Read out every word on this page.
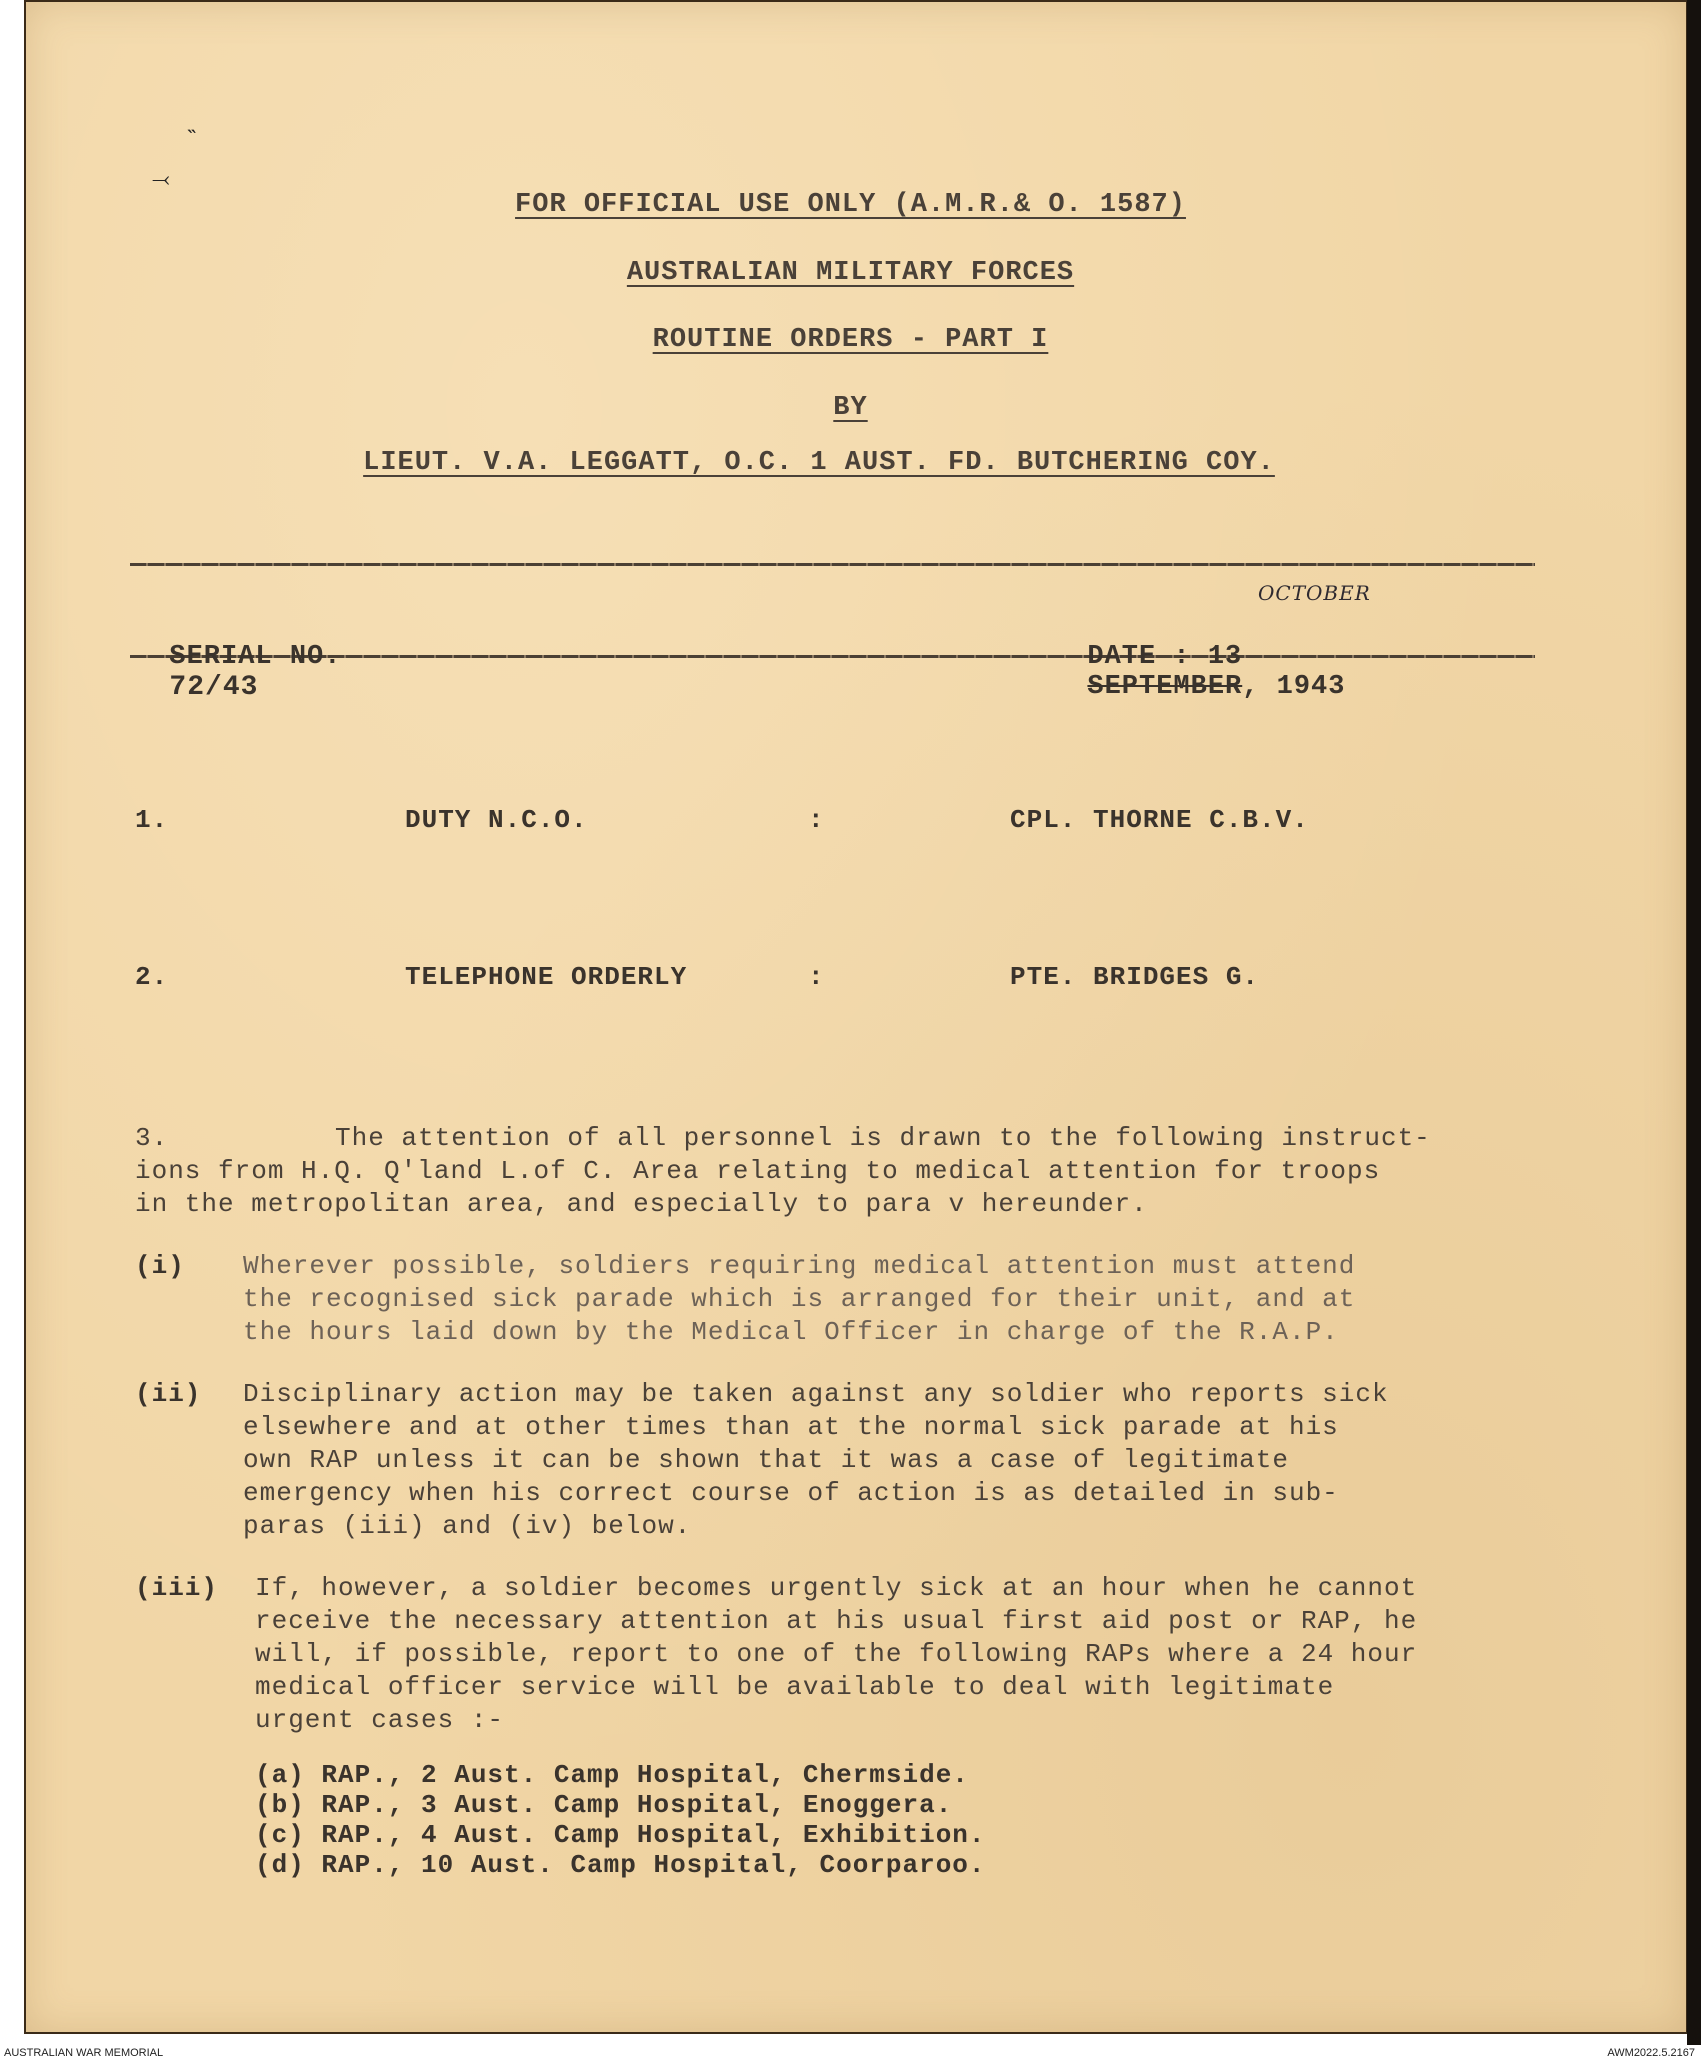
˵
⤙
FOR OFFICIAL USE ONLY (A.M.R.& O. 1587)
AUSTRALIAN MILITARY FORCES
ROUTINE ORDERS - PART I
BY
LIEUT. V.A. LEGGATT, O.C. 1 AUST. FD. BUTCHERING COY.

SERIAL NO.
72/43

DATE : 13
SEPTEMBER, 1943

OCTOBER
1.	DUTY N.C.O.	:	CPL. THORNE C.B.V.
2.	TELEPHONE ORDERLY	:	PTE. BRIDGES G.
3.	The attention of all personnel is drawn to the following instruct-
ions from H.Q. Q'land L.of C. Area relating to medical attention for troops
in the metropolitan area, and especially to para v hereunder.
(i) Wherever possible, soldiers requiring medical attention must attend
the recognised sick parade which is arranged for their unit, and at
the hours laid down by the Medical Officer in charge of the R.A.P.
(ii) Disciplinary action may be taken against any soldier who reports sick
elsewhere and at other times than at the normal sick parade at his
own RAP unless it can be shown that it was a case of legitimate
emergency when his correct course of action is as detailed in sub-
paras (iii) and (iv) below.
(iii) If, however, a soldier becomes urgently sick at an hour when he cannot
receive the necessary attention at his usual first aid post or RAP, he
will, if possible, report to one of the following RAPs where a 24 hour
medical officer service will be available to deal with legitimate
urgent cases :-
(a) RAP., 2 Aust. Camp Hospital, Chermside.
(b) RAP., 3 Aust. Camp Hospital, Enoggera.
(c) RAP., 4 Aust. Camp Hospital, Exhibition.
(d) RAP., 10 Aust. Camp Hospital, Coorparoo.
AUSTRALIAN WAR MEMORIAL	AWM2022.5.2167
